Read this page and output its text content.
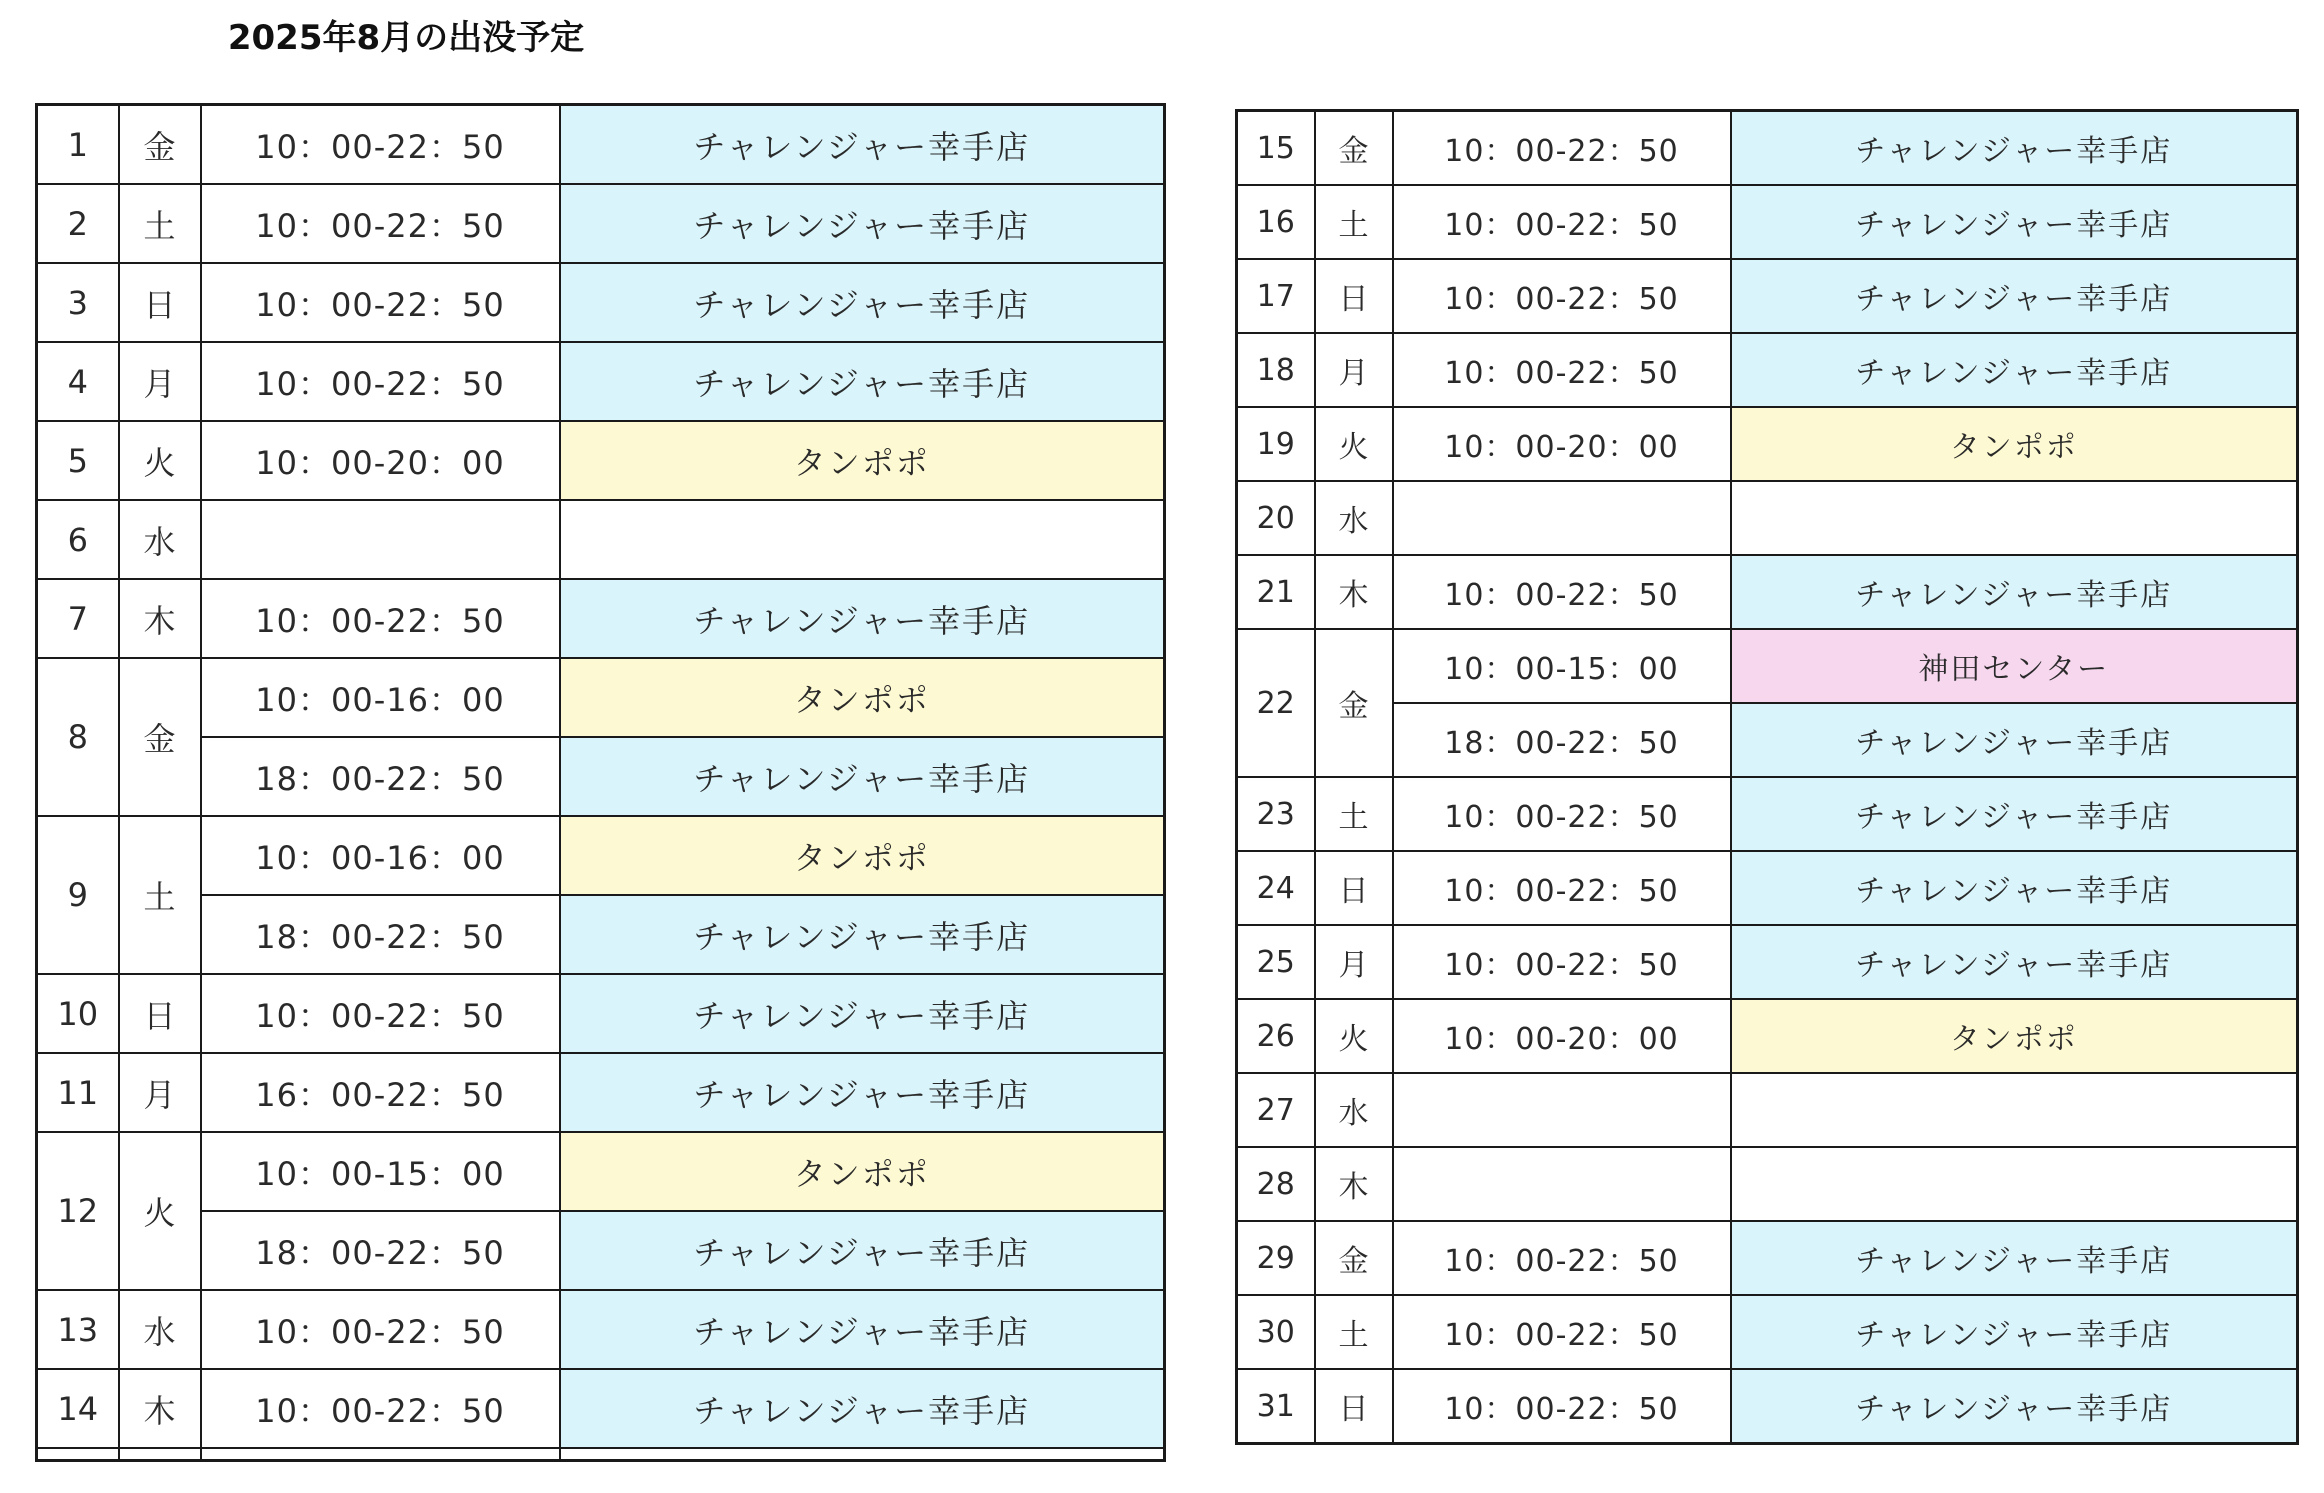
2025年8月の出没予定
1	金	10：00-22：50	チャレンジャー幸手店
2	土	10：00-22：50	チャレンジャー幸手店
3	日	10：00-22：50	チャレンジャー幸手店
4	月	10：00-22：50	チャレンジャー幸手店
5	火	10：00-20：00	タンポポ
6	水		
7	木	10：00-22：50	チャレンジャー幸手店
8	金	10：00-16：00	タンポポ
		18：00-22：50	チャレンジャー幸手店
9	土	10：00-16：00	タンポポ
		18：00-22：50	チャレンジャー幸手店
10	日	10：00-22：50	チャレンジャー幸手店
11	月	16：00-22：50	チャレンジャー幸手店
12	火	10：00-15：00	タンポポ
		18：00-22：50	チャレンジャー幸手店
13	水	10：00-22：50	チャレンジャー幸手店
14	木	10：00-22：50	チャレンジャー幸手店

15	金	10：00-22：50	チャレンジャー幸手店
16	土	10：00-22：50	チャレンジャー幸手店
17	日	10：00-22：50	チャレンジャー幸手店
18	月	10：00-22：50	チャレンジャー幸手店
19	火	10：00-20：00	タンポポ
20	水		
21	木	10：00-22：50	チャレンジャー幸手店
22	金	10：00-15：00	神田センター
		18：00-22：50	チャレンジャー幸手店
23	土	10：00-22：50	チャレンジャー幸手店
24	日	10：00-22：50	チャレンジャー幸手店
25	月	10：00-22：50	チャレンジャー幸手店
26	火	10：00-20：00	タンポポ
27	水		
28	木		
29	金	10：00-22：50	チャレンジャー幸手店
30	土	10：00-22：50	チャレンジャー幸手店
31	日	10：00-22：50	チャレンジャー幸手店
